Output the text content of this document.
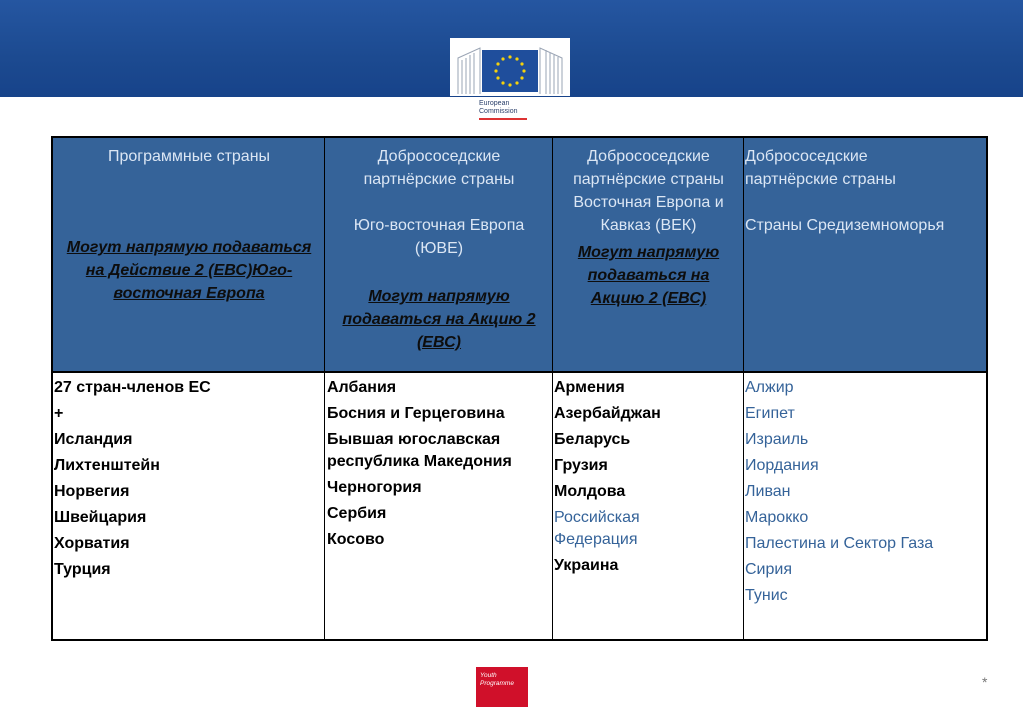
European
Commission
Программные страны
Могут напрямую подаваться на Действие 2 (ЕВС)Юго-восточная Европа
27 стран-членов ЕС
+
Исландия
Лихтенштейн
Норвегия
Швейцария
Хорватия
Турция
Добрососедские партнёрские страны
Юго-восточная Европа (ЮВЕ)
Могут напрямую подаваться на Акцию 2 (ЕВС)
Албания
Босния и Герцеговина
Бывшая югославская республика Македония
Черногория
Сербия
Косово
Добрососедские партнёрские страны
Восточная Европа и Кавказ (ВЕК)
Могут напрямую подаваться на Акцию 2 (ЕВС)
Армения
Азербайджан
Беларусь
Грузия
Молдова
Российская Федерация
Украина
Добрососедские партнёрские страны
Страны Средиземноморья
Алжир
Египет
Израиль
Иордания
Ливан
Марокко
Палестина и Сектор Газа
Сирия
Тунис
Youth
Programme	*
